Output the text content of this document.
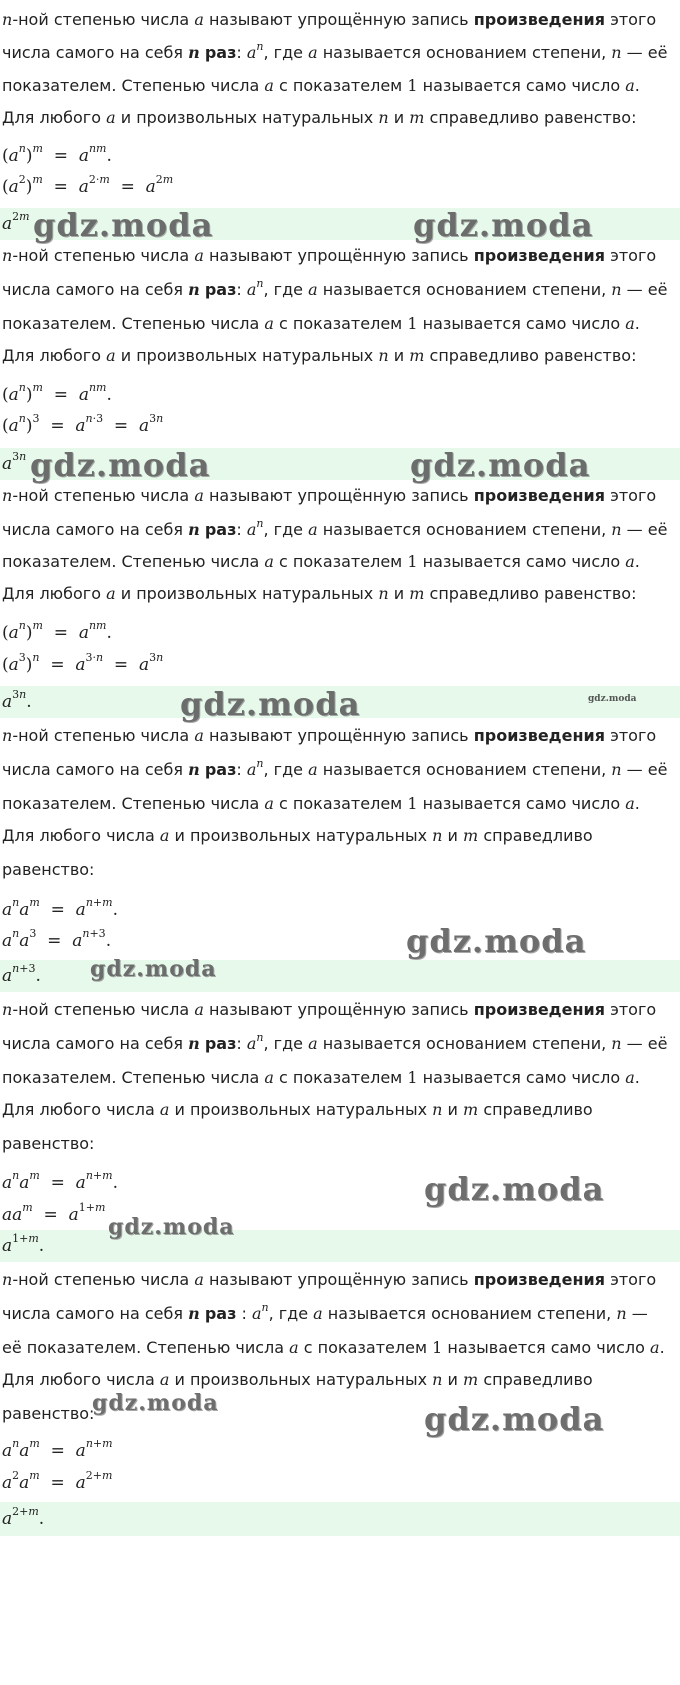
n-ной степенью числа a называют упрощённую запись произведения этого
числа самого на себя n раз: $a^n$, где a называется основанием степени, n — её
показателем. Степенью числа a с показателем 1 называется само число a.
Для любого a и произвольных натуральных n и m справедливо равенство:
$(a^n)^m = a^{nm}$.
$(a^2)^m = a^{2\cdot m} = a^{2m}$
$a^{2m}$ gdz.moda	gdz.moda
n-ной степенью числа a называют упрощённую запись произведения этого
числа самого на себя n раз: $a^n$, где a называется основанием степени, n — её
показателем. Степенью числа a с показателем 1 называется само число a.
Для любого a и произвольных натуральных n и m справедливо равенство:
$(a^n)^m = a^{nm}$.
$(a^n)^3 = a^{n\cdot 3} = a^{3n}$
$a^{3n}$ gdz.moda	gdz.moda
n-ной степенью числа a называют упрощённую запись произведения этого
числа самого на себя n раз: $a^n$, где a называется основанием степени, n — её
показателем. Степенью числа a с показателем 1 называется само число a.
Для любого a и произвольных натуральных n и m справедливо равенство:
$(a^n)^m = a^{nm}$.
$(a^3)^n = a^{3\cdot n} = a^{3n}$
$a^{3n}$.	gdz.moda	gdz.moda
n-ной степенью числа a называют упрощённую запись произведения этого
числа самого на себя n раз: $a^n$, где a называется основанием степени, n — её
показателем. Степенью числа a с показателем 1 называется само число a.
Для любого числа a и произвольных натуральных n и m справедливо
равенство:
$a^na^m = a^{n+m}$.
$a^na^3 = a^{n+3}$.
$a^{n+3}$.
gdz.moda
gdz.moda
n-ной степенью числа a называют упрощённую запись произведения этого
числа самого на себя n раз: $a^n$, где a называется основанием степени, n — её
показателем. Степенью числа a с показателем 1 называется само число a.
Для любого числа a и произвольных натуральных n и m справедливо
равенство:
$a^na^m = a^{n+m}$.
$aa^m = a^{1+m}$
$a^{1+m}$.
gdz.moda
gdz.moda
n-ной степенью числа a называют упрощённую запись произведения этого
числа самого на себя n раз : $a^n$, где a называется основанием степени, n —
её показателем. Степенью числа a с показателем 1 называется само число a.
Для любого числа a и произвольных натуральных n и m справедливо
равенство:
$a^na^m = a^{n+m}$
$a^2a^m = a^{2+m}$
$a^{2+m}$.
gdz.moda	gdz.moda
